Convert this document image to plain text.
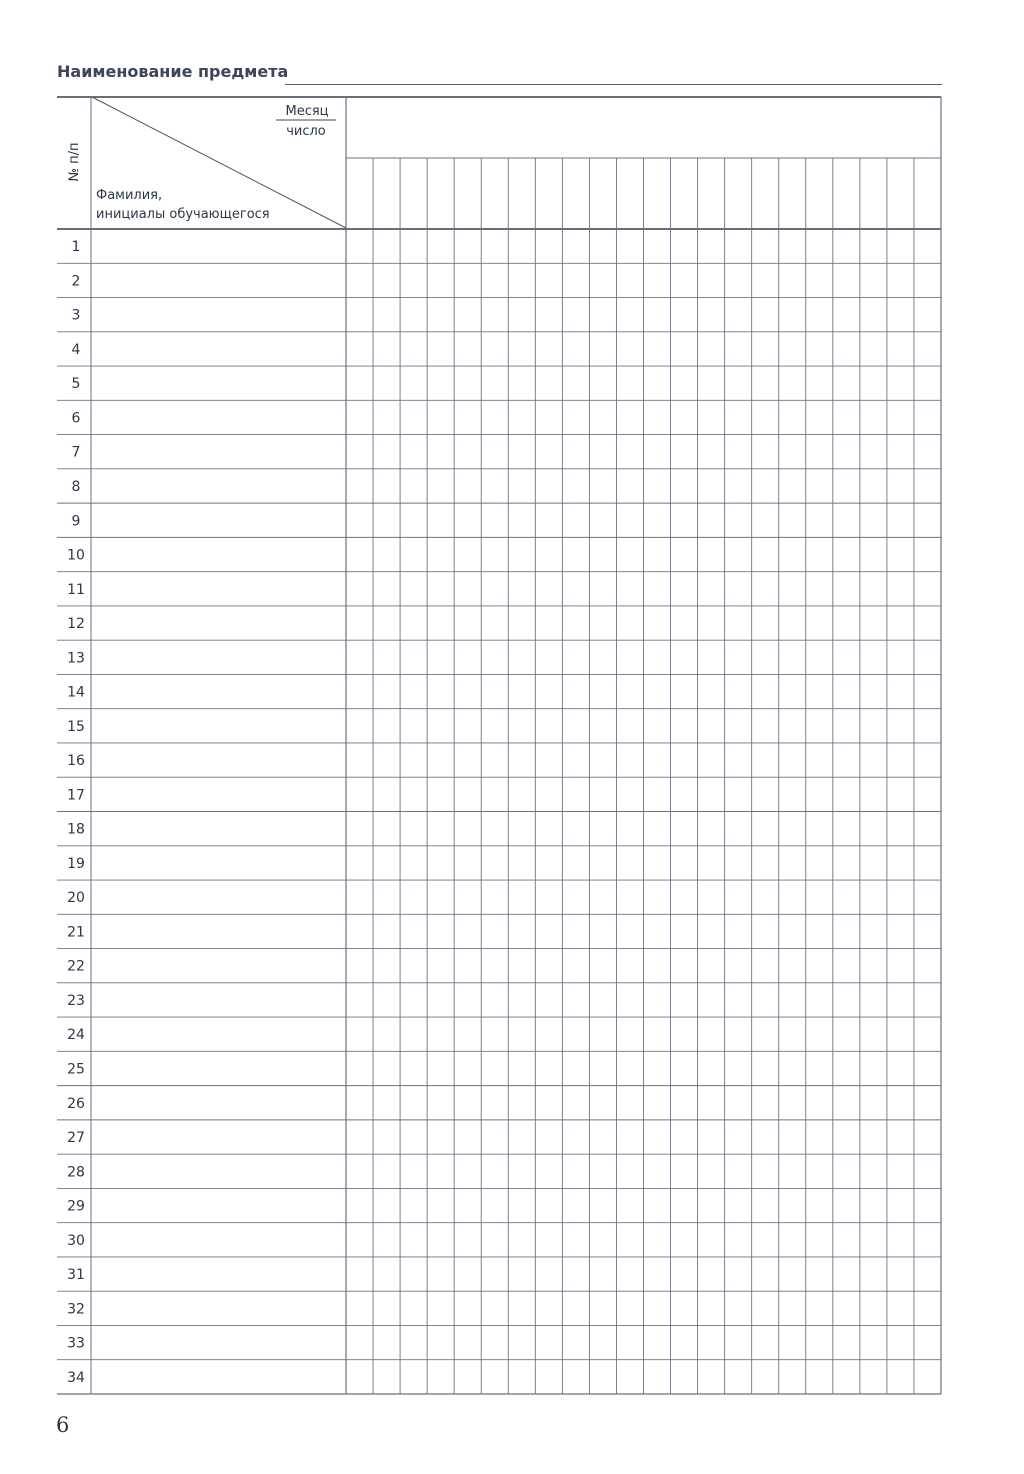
Наименование предмета
Месяц
число
Фамилия,
инициалы обучающегося
№ п/п
1
2
3
4
5
6
7
8
9
10
11
12
13
14
15
16
17
18
19
20
21
22
23
24
25
26
27
28
29
30
31
32
33
34
6
